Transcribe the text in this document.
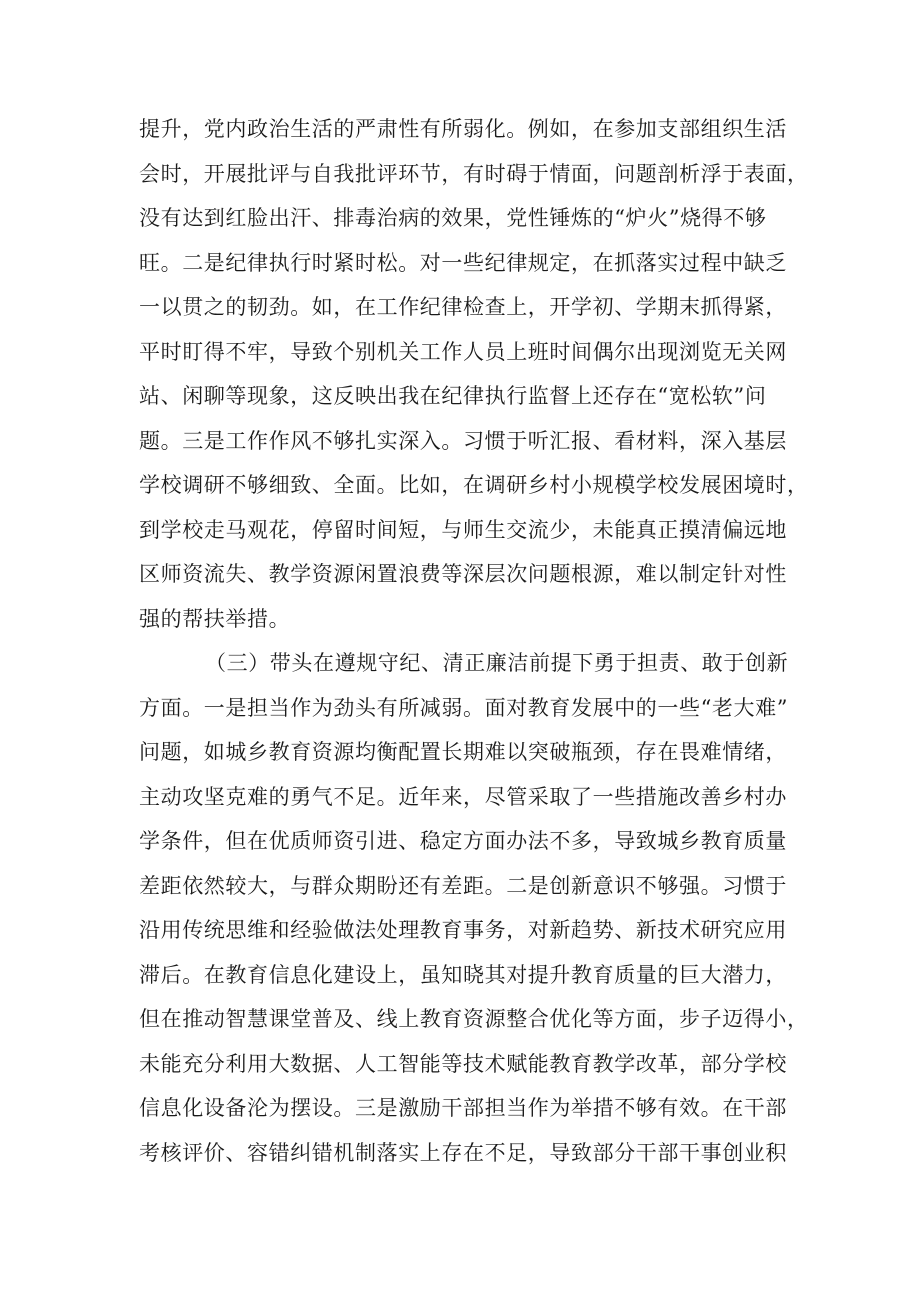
提升，党内政治生活的严肃性有所弱化。例如，在参加支部组织生活
会时，开展批评与自我批评环节，有时碍于情面，问题剖析浮于表面，
没有达到红脸出汗、排毒治病的效果，党性锤炼的“炉火”烧得不够
旺。二是纪律执行时紧时松。对一些纪律规定，在抓落实过程中缺乏
一以贯之的韧劲。如，在工作纪律检查上，开学初、学期末抓得紧，
平时盯得不牢，导致个别机关工作人员上班时间偶尔出现浏览无关网
站、闲聊等现象，这反映出我在纪律执行监督上还存在“宽松软”问
题。三是工作作风不够扎实深入。习惯于听汇报、看材料，深入基层
学校调研不够细致、全面。比如，在调研乡村小规模学校发展困境时，
到学校走马观花，停留时间短，与师生交流少，未能真正摸清偏远地
区师资流失、教学资源闲置浪费等深层次问题根源，难以制定针对性
强的帮扶举措。
（三）带头在遵规守纪、清正廉洁前提下勇于担责、敢于创新
方面。一是担当作为劲头有所减弱。面对教育发展中的一些“老大难”
问题，如城乡教育资源均衡配置长期难以突破瓶颈，存在畏难情绪，
主动攻坚克难的勇气不足。近年来，尽管采取了一些措施改善乡村办
学条件，但在优质师资引进、稳定方面办法不多，导致城乡教育质量
差距依然较大，与群众期盼还有差距。二是创新意识不够强。习惯于
沿用传统思维和经验做法处理教育事务，对新趋势、新技术研究应用
滞后。在教育信息化建设上，虽知晓其对提升教育质量的巨大潜力，
但在推动智慧课堂普及、线上教育资源整合优化等方面，步子迈得小，
未能充分利用大数据、人工智能等技术赋能教育教学改革，部分学校
信息化设备沦为摆设。三是激励干部担当作为举措不够有效。在干部
考核评价、容错纠错机制落实上存在不足，导致部分干部干事创业积
